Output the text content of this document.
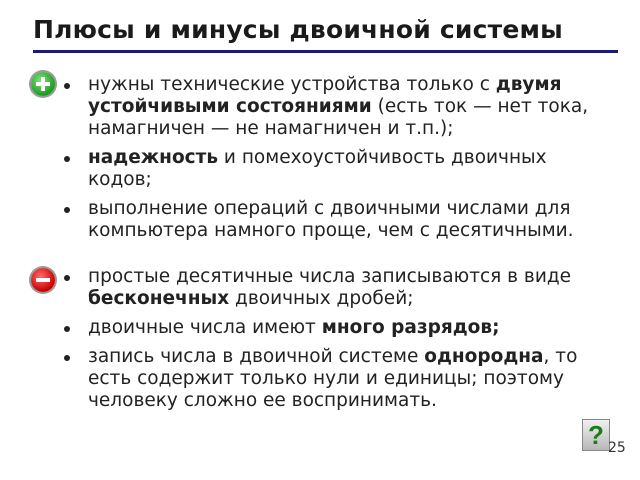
Плюсы и минусы двоичной системы
нужны технические устройства только с двумя устойчивыми состояниями (есть ток — нет тока, намагничен — не намагничен и т.п.);
надежность и помехоустойчивость двоичных кодов;
выполнение операций с двоичными числами для компьютера намного проще, чем с десятичными.
простые десятичные числа записываются в виде бесконечных двоичных дробей;
двоичные числа имеют много разрядов;
запись числа в двоичной системе однородна, то есть содержит только нули и единицы; поэтому человеку сложно ее воспринимать.
? 25
